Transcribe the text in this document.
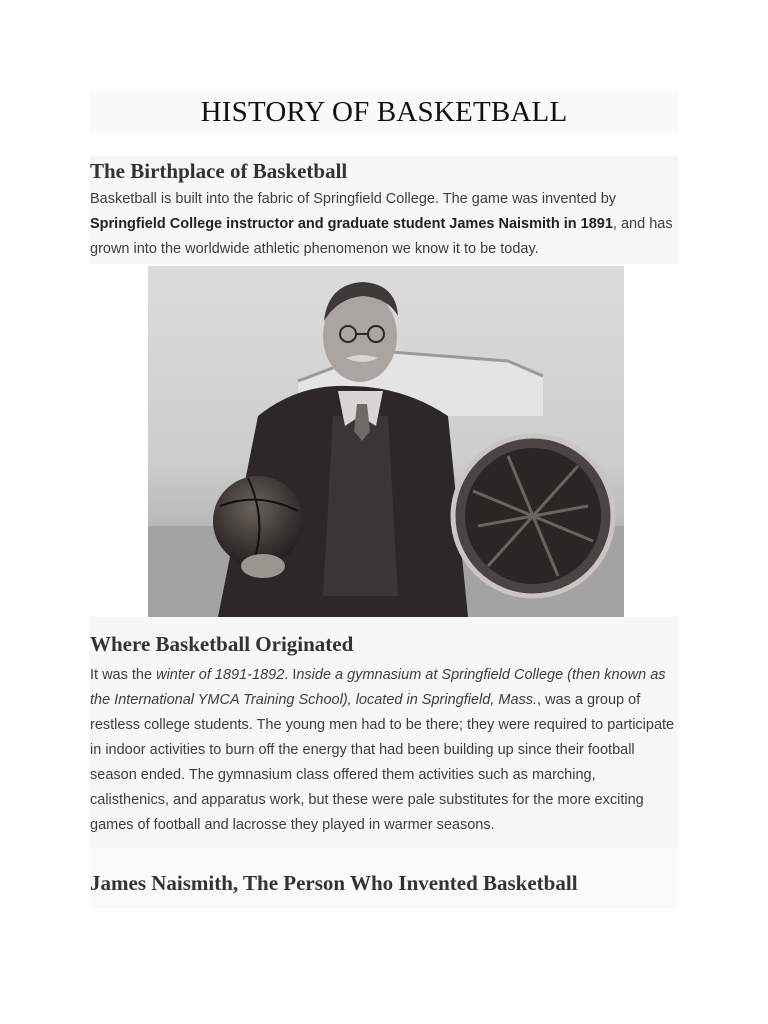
HISTORY OF BASKETBALL
The Birthplace of Basketball

Basketball is built into the fabric of Springfield College. The game was invented by Springfield College instructor and graduate student James Naismith in 1891, and has grown into the worldwide athletic phenomenon we know it to be today.

Where Basketball Originated

It was the winter of 1891-1892. Inside a gymnasium at Springfield College (then known as the International YMCA Training School), located in Springfield, Mass., was a group of restless college students. The young men had to be there; they were required to participate in indoor activities to burn off the energy that had been building up since their football season ended. The gymnasium class offered them activities such as marching, calisthenics, and apparatus work, but these were pale substitutes for the more exciting games of football and lacrosse they played in warmer seasons.

James Naismith, The Person Who Invented Basketball
